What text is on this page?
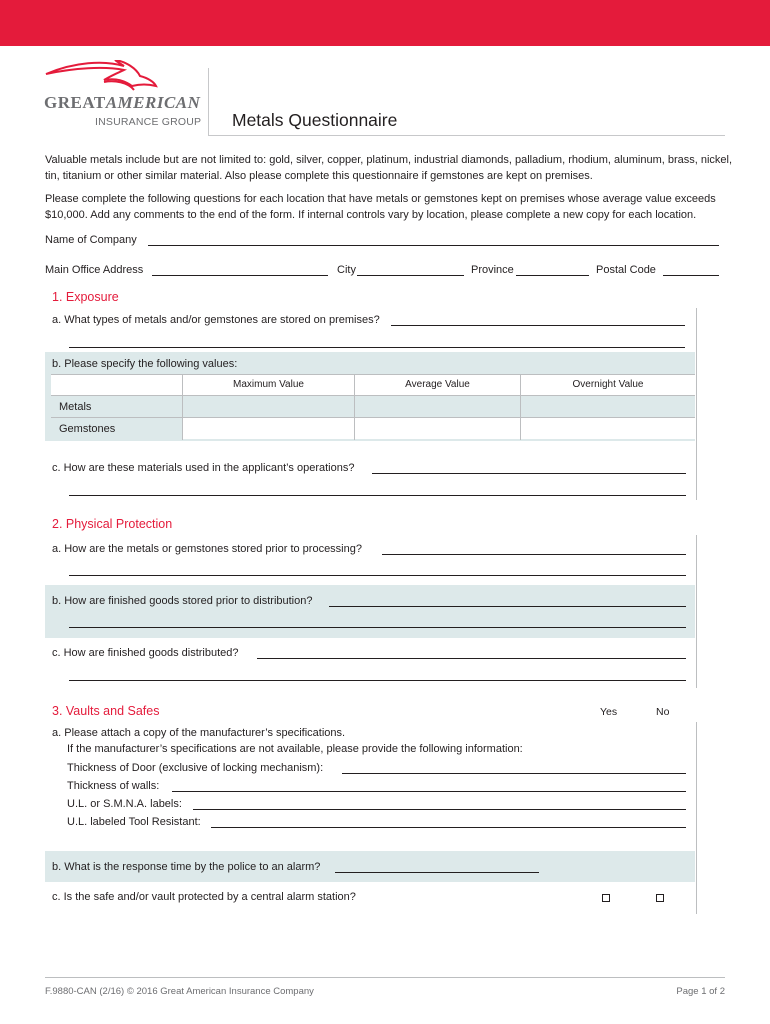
GREATAMERICAN
INSURANCE GROUP Metals Questionnaire
Valuable metals include but are not limited to: gold, silver, copper, platinum, industrial diamonds, palladium, rhodium, aluminum, brass, nickel, tin, titanium or other similar material. Also please complete this questionnaire if gemstones are kept on premises.
Please complete the following questions for each location that have metals or gemstones kept on premises whose average value exceeds $10,000. Add any comments to the end of the form. If internal controls vary by location, please complete a new copy for each location.
Name of Company
Main Office Address	City	Province	Postal Code
1. Exposure
a. What types of metals and/or gemstones are stored on premises?
b. Please specify the following values:
Maximum Value	Average Value	Overnight Value
Metals
Gemstones
c. How are these materials used in the applicant’s operations?
2. Physical Protection
a. How are the metals or gemstones stored prior to processing?
b. How are finished goods stored prior to distribution?
c. How are finished goods distributed?
3. Vaults and Safes	Yes	No
a. Please attach a copy of the manufacturer’s specifications.
If the manufacturer’s specifications are not available, please provide the following information:
Thickness of Door (exclusive of locking mechanism):
Thickness of walls:
U.L. or S.M.N.A. labels:
U.L. labeled Tool Resistant:
b. What is the response time by the police to an alarm?
c. Is the safe and/or vault protected by a central alarm station?
F.9880-CAN (2/16) © 2016 Great American Insurance Company	Page 1 of 2
